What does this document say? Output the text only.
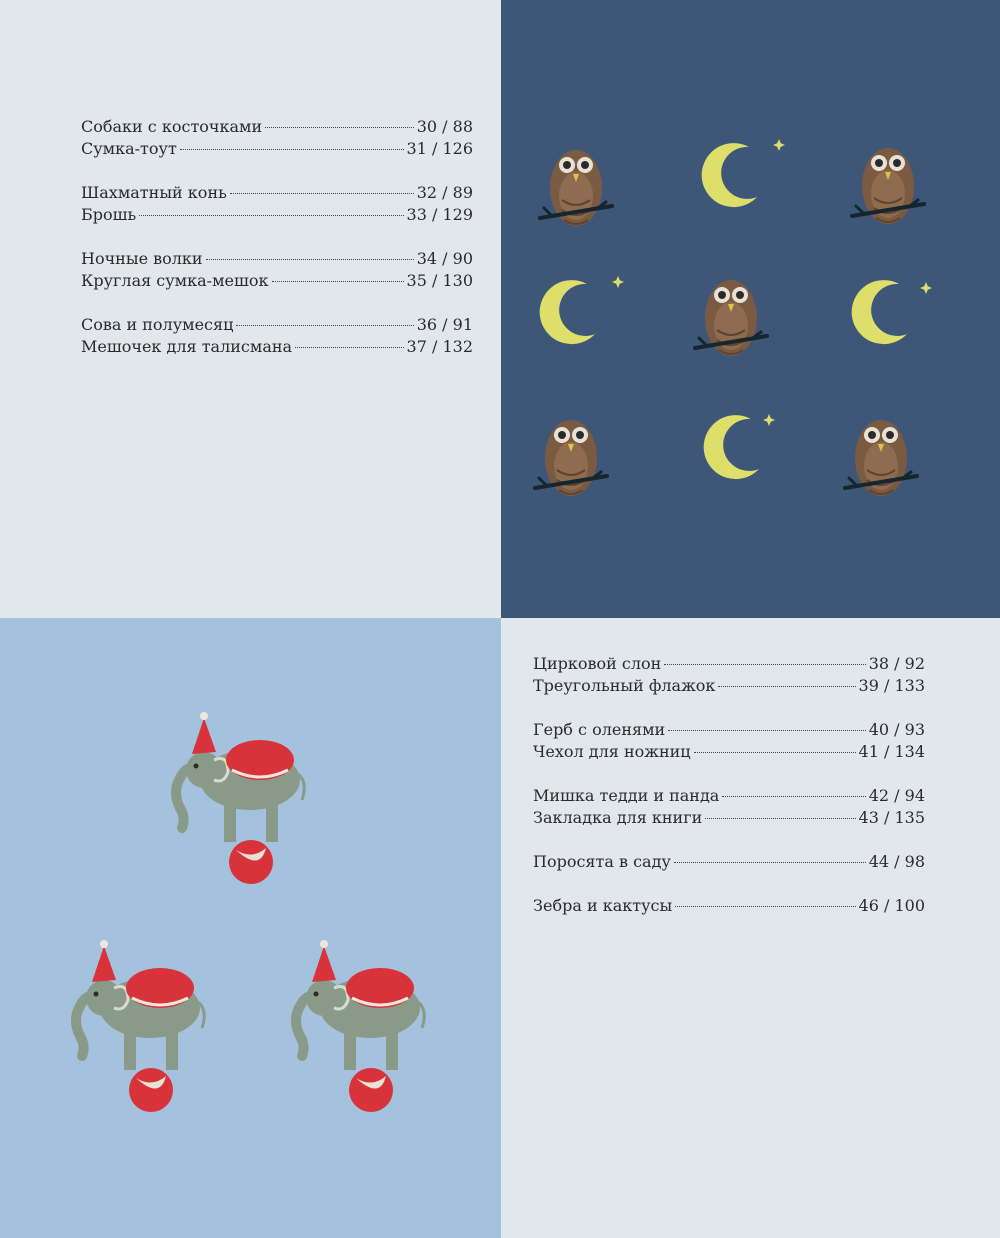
Собаки с косточками	30 / 88
Сумка-тоут	31 / 126
Шахматный конь	32 / 89
Брошь	33 / 129
Ночные волки	34 / 90
Круглая сумка-мешок	35 / 130
Сова и полумесяц	36 / 91
Мешочек для талисмана	37 / 132
Цирковой слон	38 / 92
Треугольный флажок	39 / 133
Герб с оленями	40 / 93
Чехол для ножниц	41 / 134
Мишка тедди и панда	42 / 94
Закладка для книги	43 / 135
Поросята в саду	44 / 98
Зебра и кактусы	46 / 100
